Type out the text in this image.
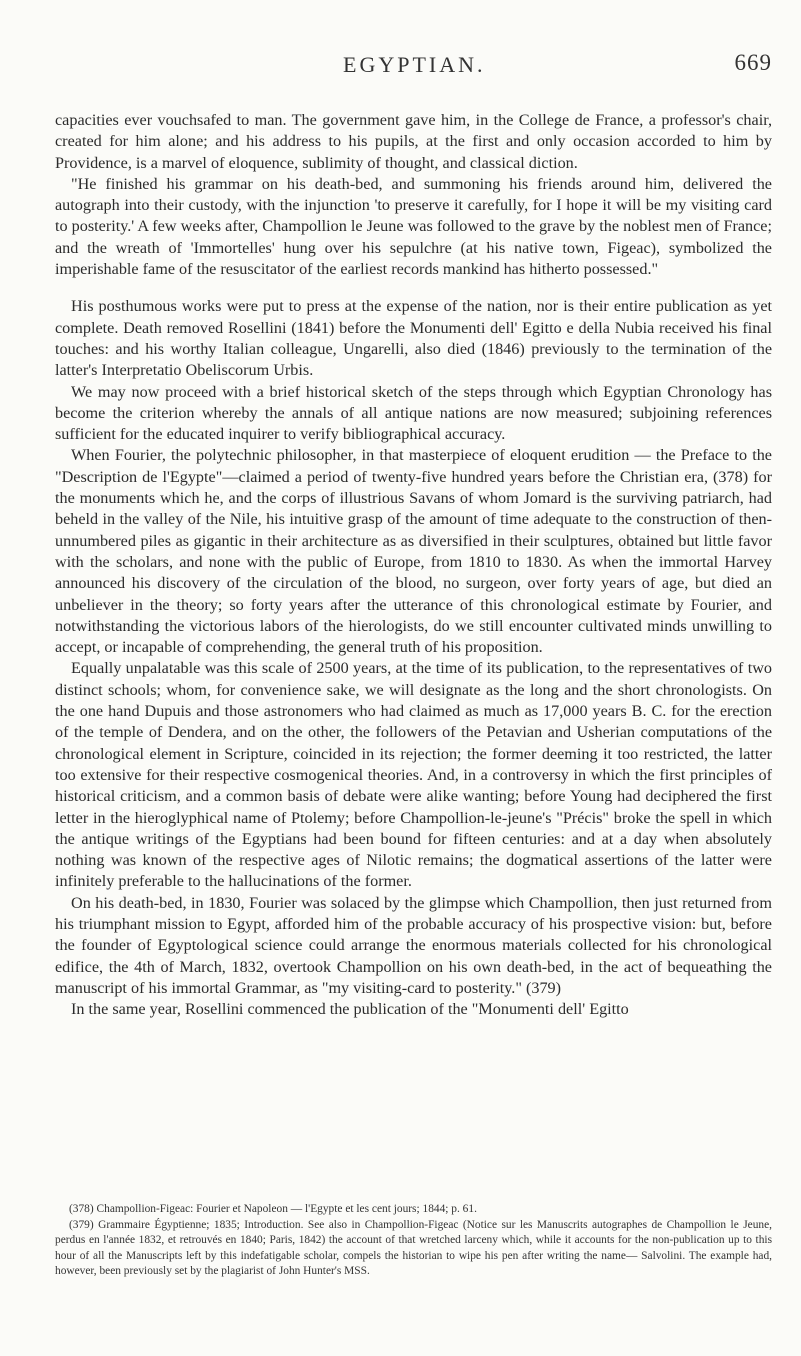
EGYPTIAN.	669

capacities ever vouchsafed to man. The government gave him, in the College de France, a professor's chair, created for him alone; and his address to his pupils, at the first and only occasion accorded to him by Providence, is a marvel of eloquence, sublimity of thought, and classical diction.

"He finished his grammar on his death-bed, and summoning his friends around him, delivered the autograph into their custody, with the injunction 'to preserve it carefully, for I hope it will be my visiting card to posterity.' A few weeks after, Champollion le Jeune was followed to the grave by the noblest men of France; and the wreath of 'Immortelles' hung over his sepulchre (at his native town, Figeac), symbolized the imperishable fame of the resuscitator of the earliest records mankind has hitherto possessed."

His posthumous works were put to press at the expense of the nation, nor is their entire publication as yet complete. Death removed Rosellini (1841) before the Monumenti dell' Egitto e della Nubia received his final touches: and his worthy Italian colleague, Ungarelli, also died (1846) previously to the termination of the latter's Interpretatio Obeliscorum Urbis.

We may now proceed with a brief historical sketch of the steps through which Egyptian Chronology has become the criterion whereby the annals of all antique nations are now measured; subjoining references sufficient for the educated inquirer to verify bibliographical accuracy.

When Fourier, the polytechnic philosopher, in that masterpiece of eloquent erudition — the Preface to the "Description de l'Egypte"—claimed a period of twenty-five hundred years before the Christian era, (378) for the monuments which he, and the corps of illustrious Savans of whom Jomard is the surviving patriarch, had beheld in the valley of the Nile, his intuitive grasp of the amount of time adequate to the construction of then-unnumbered piles as gigantic in their architecture as as diversified in their sculptures, obtained but little favor with the scholars, and none with the public of Europe, from 1810 to 1830. As when the immortal Harvey announced his discovery of the circulation of the blood, no surgeon, over forty years of age, but died an unbeliever in the theory; so forty years after the utterance of this chronological estimate by Fourier, and notwithstanding the victorious labors of the hierologists, do we still encounter cultivated minds unwilling to accept, or incapable of comprehending, the general truth of his proposition.

Equally unpalatable was this scale of 2500 years, at the time of its publication, to the representatives of two distinct schools; whom, for convenience sake, we will designate as the long and the short chronologists. On the one hand Dupuis and those astronomers who had claimed as much as 17,000 years B. C. for the erection of the temple of Dendera, and on the other, the followers of the Petavian and Usherian computations of the chronological element in Scripture, coincided in its rejection; the former deeming it too restricted, the latter too extensive for their respective cosmogenical theories. And, in a controversy in which the first principles of historical criticism, and a common basis of debate were alike wanting; before Young had deciphered the first letter in the hieroglyphical name of Ptolemy; before Champollion-le-jeune's "Précis" broke the spell in which the antique writings of the Egyptians had been bound for fifteen centuries: and at a day when absolutely nothing was known of the respective ages of Nilotic remains; the dogmatical assertions of the latter were infinitely preferable to the hallucinations of the former.

On his death-bed, in 1830, Fourier was solaced by the glimpse which Champollion, then just returned from his triumphant mission to Egypt, afforded him of the probable accuracy of his prospective vision: but, before the founder of Egyptological science could arrange the enormous materials collected for his chronological edifice, the 4th of March, 1832, overtook Champollion on his own death-bed, in the act of bequeathing the manuscript of his immortal Grammar, as "my visiting-card to posterity." (379)

In the same year, Rosellini commenced the publication of the "Monumenti dell' Egitto

(378) Champollion-Figeac: Fourier et Napoleon — l'Egypte et les cent jours; 1844; p. 61.

(379) Grammaire Égyptienne; 1835; Introduction. See also in Champollion-Figeac (Notice sur les Manuscrits autographes de Champollion le Jeune, perdus en l'année 1832, et retrouvés en 1840; Paris, 1842) the account of that wretched larceny which, while it accounts for the non-publication up to this hour of all the Manuscripts left by this indefatigable scholar, compels the historian to wipe his pen after writing the name— Salvolini. The example had, however, been previously set by the plagiarist of John Hunter's MSS.
